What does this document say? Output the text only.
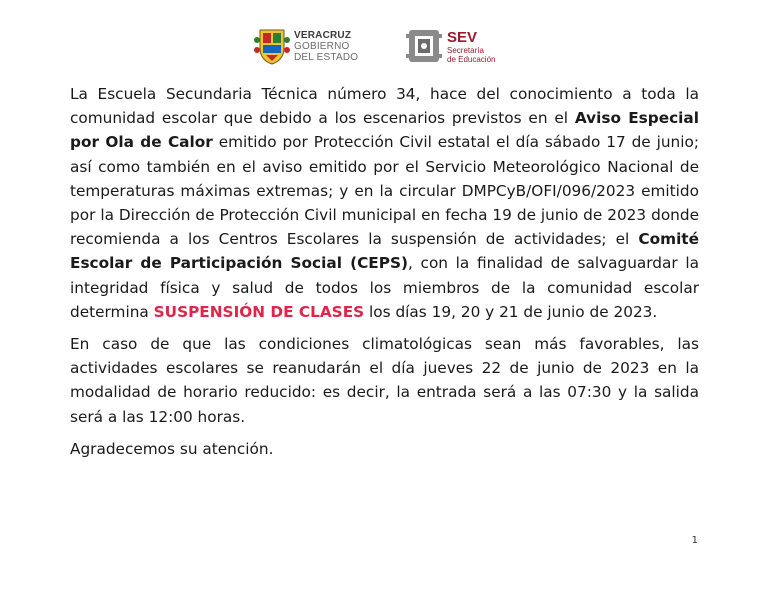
VERACRUZ
GOBIERNO
DEL ESTADO
SEV
Secretaría
de Educación

La Escuela Secundaria Técnica número 34, hace del conocimiento a toda la comunidad escolar que debido a los escenarios previstos en el Aviso Especial por Ola de Calor emitido por Protección Civil estatal el día sábado 17 de junio; así como también en el aviso emitido por el Servicio Meteorológico Nacional de temperaturas máximas extremas; y en la circular DMPCyB/OFI/096/2023 emitido por la Dirección de Protección Civil municipal en fecha 19 de junio de 2023 donde recomienda a los Centros Escolares la suspensión de actividades; el Comité Escolar de Participación Social (CEPS), con la finalidad de salvaguardar la integridad física y salud de todos los miembros de la comunidad escolar determina SUSPENSIÓN DE CLASES los días 19, 20 y 21 de junio de 2023.

En caso de que las condiciones climatológicas sean más favorables, las actividades escolares se reanudarán el día jueves 22 de junio de 2023 en la modalidad de horario reducido: es decir, la entrada será a las 07:30 y la salida será a las 12:00 horas.

Agradecemos su atención.

1
